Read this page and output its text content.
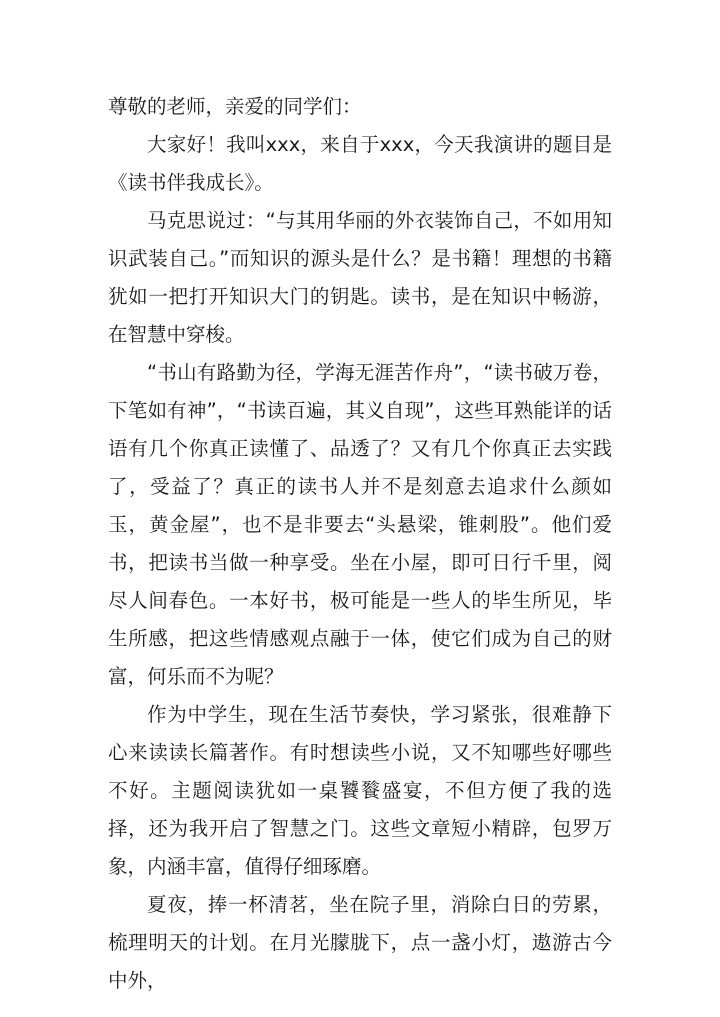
尊敬的老师，亲爱的同学们：

大家好！我叫xxx，来自于xxx，今天我演讲的题目是《读书伴我成长》。

马克思说过：“与其用华丽的外衣装饰自己，不如用知识武装自己。”而知识的源头是什么？是书籍！理想的书籍犹如一把打开知识大门的钥匙。读书，是在知识中畅游，在智慧中穿梭。

“书山有路勤为径，学海无涯苦作舟”，“读书破万卷，下笔如有神”，“书读百遍，其义自现”，这些耳熟能详的话语有几个你真正读懂了、品透了？又有几个你真正去实践了，受益了？真正的读书人并不是刻意去追求什么颜如玉，黄金屋”，也不是非要去“头悬梁，锥刺股”。他们爱书，把读书当做一种享受。坐在小屋，即可日行千里，阅尽人间春色。一本好书，极可能是一些人的毕生所见，毕生所感，把这些情感观点融于一体，使它们成为自己的财富，何乐而不为呢？

作为中学生，现在生活节奏快，学习紧张，很难静下心来读读长篇著作。有时想读些小说，又不知哪些好哪些不好。主题阅读犹如一桌饕餮盛宴，不但方便了我的选择，还为我开启了智慧之门。这些文章短小精辟，包罗万象，内涵丰富，值得仔细琢磨。

夏夜，捧一杯清茗，坐在院子里，消除白日的劳累，梳理明天的计划。在月光朦胧下，点一盏小灯，遨游古今中外，
